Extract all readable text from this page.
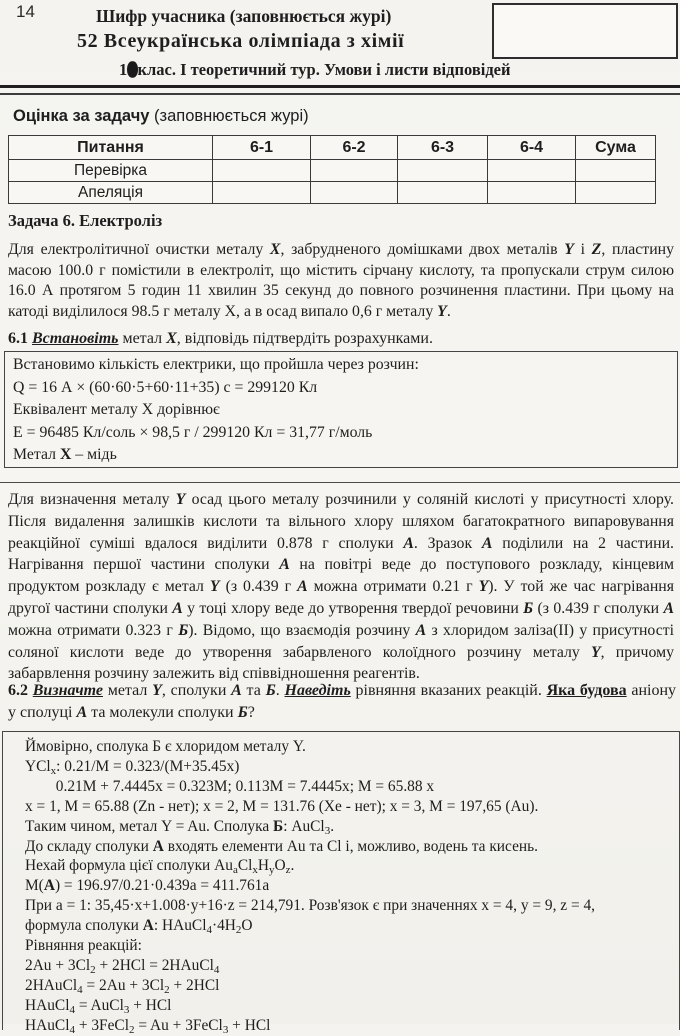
14	Шифр учасника (заповнюється журі)
52 Всеукраїнська олімпіада з хімії
10клас. І теоретичний тур. Умови і листи відповідей
Оцінка за задачу (заповнюється журі)
Питання	6-1	6-2	6-3	6-4	Сума
Перевірка					
Апеляція					
Задача 6. Електроліз
Для електролітичної очистки металу X, забрудненого домішками двох металів Y і Z, пластину масою 100.0 г помістили в електроліт, що містить сірчану кислоту, та пропускали струм силою 16.0 А протягом 5 годин 11 хвилин 35 секунд до повного розчинення пластини. При цьому на катоді виділилося 98.5 г металу X, а в осад випало 0,6 г металу Y.
6.1 Встановіть метал X, відповідь підтвердіть розрахунками.
Встановимо кількість електрики, що пройшла через розчин:
Q = 16 А × (60·60·5+60·11+35) с = 299120 Кл
Еквівалент металу X дорівнює
Е = 96485 Кл/соль × 98,5 г / 299120 Кл = 31,77 г/моль
Метал X – мідь
Для визначення металу Y осад цього металу розчинили у соляній кислоті у присутності хлору. Після видалення залишків кислоти та вільного хлору шляхом багатократного випаровування реакційної суміші вдалося виділити 0.878 г сполуки А. Зразок А поділили на 2 частини. Нагрівання першої частини сполуки А на повітрі веде до поступового розкладу, кінцевим продуктом розкладу є метал Y (з 0.439 г А можна отримати 0.21 г Y). У той же час нагрівання другої частини сполуки А у тоці хлору веде до утворення твердої речовини Б (з 0.439 г сполуки А можна отримати 0.323 г Б). Відомо, що взаємодія розчину А з хлоридом заліза(II) у присутності соляної кислоти веде до утворення забарвленого колоїдного розчину металу Y, причому забарвлення розчину залежить від співвідношення реагентів.
6.2 Визначте метал Y, сполуки А та Б. Наведіть рівняння вказаних реакцій. Яка будова аніону у сполуці А та молекули сполуки Б?
Ймовірно, сполука Б є хлоридом металу Y.
YCl$_x$: 0.21/M = 0.323/(M+35.45x)
0.21M + 7.4445x = 0.323M; 0.113M = 7.4445x; M = 65.88 x
x = 1, M = 65.88 (Zn - нет); x = 2, M = 131.76 (Xe - нет); x = 3, M = 197,65 (Au).
Таким чином, метал Y = Au. Сполука Б: AuCl$_3$.
До складу сполуки А входять елементи Au та Cl і, можливо, водень та кисень.
Нехай формула цієї сполуки $Au_aCl_xH_yO_z$.
M(А) = 196.97/0.21·0.439a = 411.761a
При a = 1: 35,45·x+1.008·y+16·z = 214,791. Розв'язок є при значеннях x = 4, y = 9, z = 4,
формула сполуки А: $HAuCl_4\cdot 4H_2O$
Рівняння реакцій:
$2Au + 3Cl_2 + 2HCl$ = 2HAuCl$_4$
2HAuCl$_4$ = $2Au + 3Cl_2 + 2HCl$
HAuCl$_4$ = AuCl$_3$ + HCl
HAuCl$_4$ + 3FeCl$_2$ = Au + 3FeCl$_3$ + HCl
